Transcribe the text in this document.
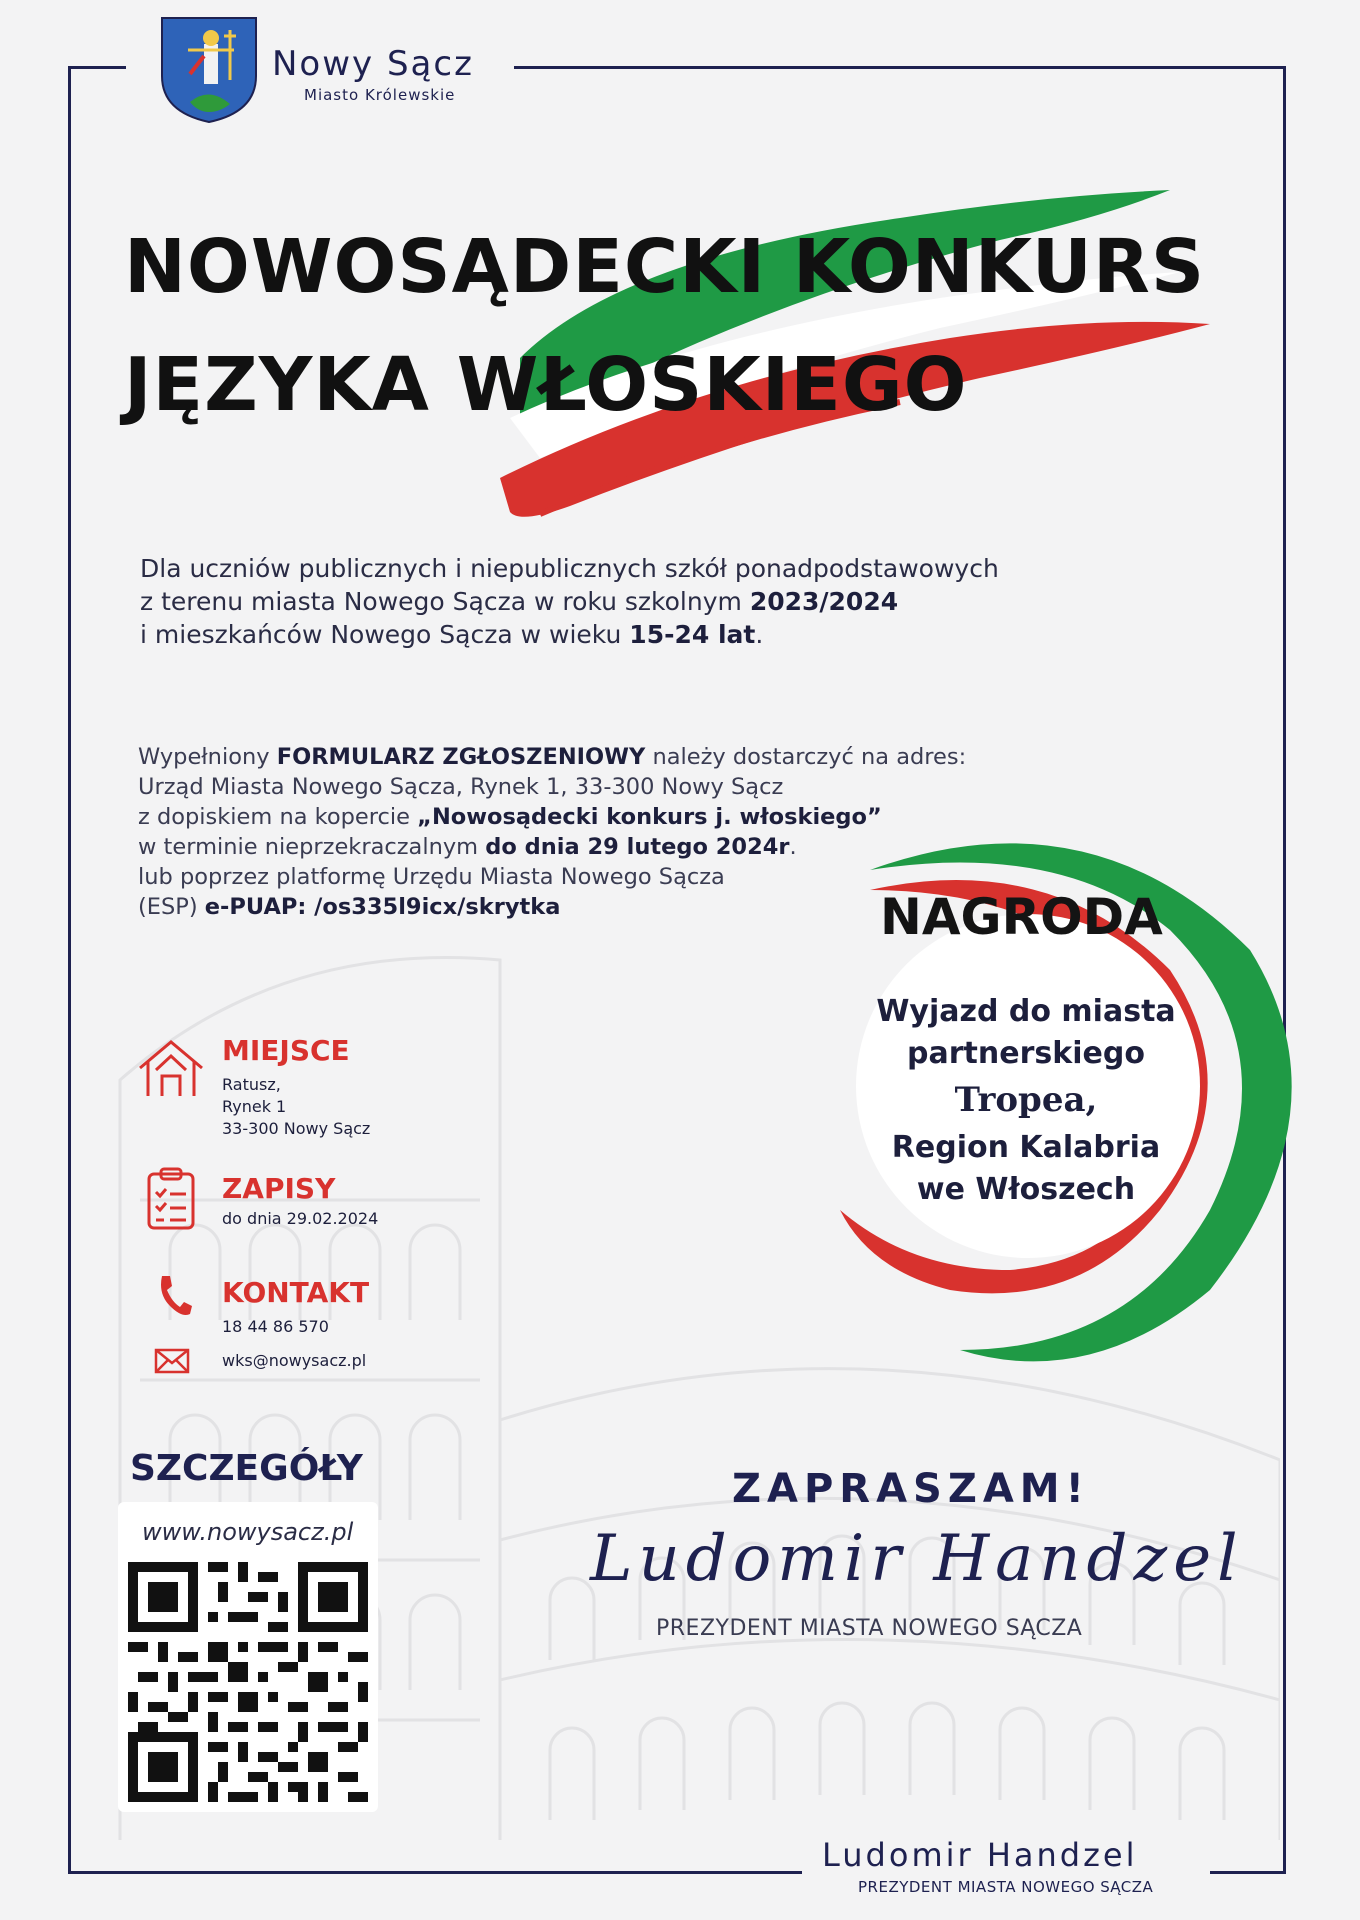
Nowy Sącz
Miasto Królewskie
NOWOSĄDECKI KONKURS
JĘZYKA WŁOSKIEGO
Dla uczniów publicznych i niepublicznych szkół ponadpodstawowych
z terenu miasta Nowego Sącza w roku szkolnym 2023/2024
i mieszkańców Nowego Sącza w wieku 15-24 lat.
Wypełniony FORMULARZ ZGŁOSZENIOWY należy dostarczyć na adres:
Urząd Miasta Nowego Sącza, Rynek 1, 33-300 Nowy Sącz
z dopiskiem na kopercie „Nowosądecki konkurs j. włoskiego”
w terminie nieprzekraczalnym do dnia 29 lutego 2024r.
lub poprzez platformę Urzędu Miasta Nowego Sącza
(ESP) e-PUAP: /os335l9icx/skrytka
MIEJSCE
Ratusz,
Rynek 1
33-300 Nowy Sącz
ZAPISY
do dnia 29.02.2024
KONTAKT
18 44 86 570
wks@nowysacz.pl
NAGRODA
Wyjazd do miasta
partnerskiego
Tropea,
Region Kalabria
we Włoszech
SZCZEGÓŁY
www.nowysacz.pl
ZAPRASZAM!
Ludomir Handzel
PREZYDENT MIASTA NOWEGO SĄCZA
Ludomir Handzel
PREZYDENT MIASTA NOWEGO SĄCZA
